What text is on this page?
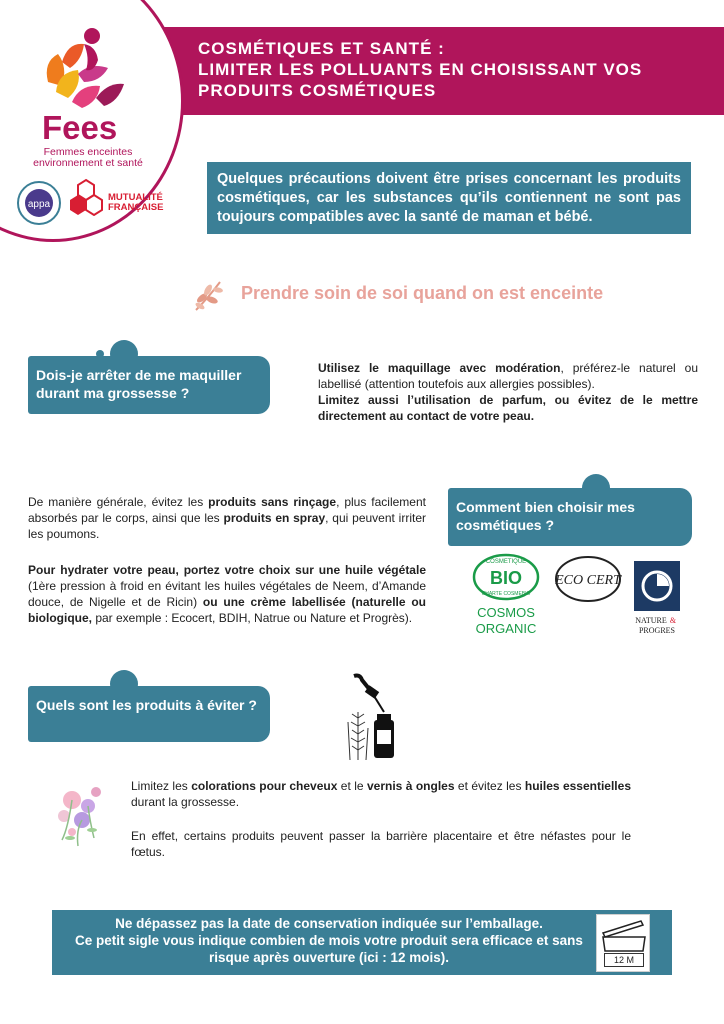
COSMÉTIQUES ET SANTÉ :
LIMITER LES POLLUANTS EN CHOISISSANT VOS
PRODUITS COSMÉTIQUES
Fees
Femmes enceintes
environnement et santé
appa
MUTUALITÉ
FRANÇAISE
Quelques précautions doivent être prises concernant les produits cosmétiques, car les substances qu’ils contiennent ne sont pas toujours compatibles avec la santé de maman et bébé.
Prendre soin de soi quand on est enceinte
Dois-je arrêter de me maquiller durant ma grossesse ?
Utilisez le maquillage avec modération, préférez-le naturel ou labellisé (attention toutefois aux allergies possibles).
Limitez aussi l’utilisation de parfum, ou évitez de le mettre directement au contact de votre peau.
De manière générale, évitez les produits sans rinçage, plus facilement absorbés par le corps, ainsi que les produits en spray, qui peuvent irriter les poumons.
Pour hydrater votre peau, portez votre choix sur une huile végétale (1ère pression à froid en évitant les huiles végétales de Neem, d’Amande douce, de Nigelle et de Ricin) ou une crème labellisée (naturelle ou biologique, par exemple : Ecocert, BDIH, Natrue ou Nature et Progrès).
Comment bien choisir mes cosmétiques ?
COSMETIQUE
BIO
CHARTE COSMEBIO
COSMOS
ORGANIC
ECO CERT
NATURE &
PROGRES
Quels sont les produits à éviter ?
Limitez les colorations pour cheveux et le vernis à ongles et évitez les huiles essentielles durant la grossesse.
En effet, certains produits peuvent passer la barrière placentaire et être néfastes pour le fœtus.
Ne dépassez pas la date de conservation indiquée sur l’emballage.
Ce petit sigle vous indique combien de mois votre produit sera efficace et sans risque après ouverture (ici : 12 mois).	12 M
